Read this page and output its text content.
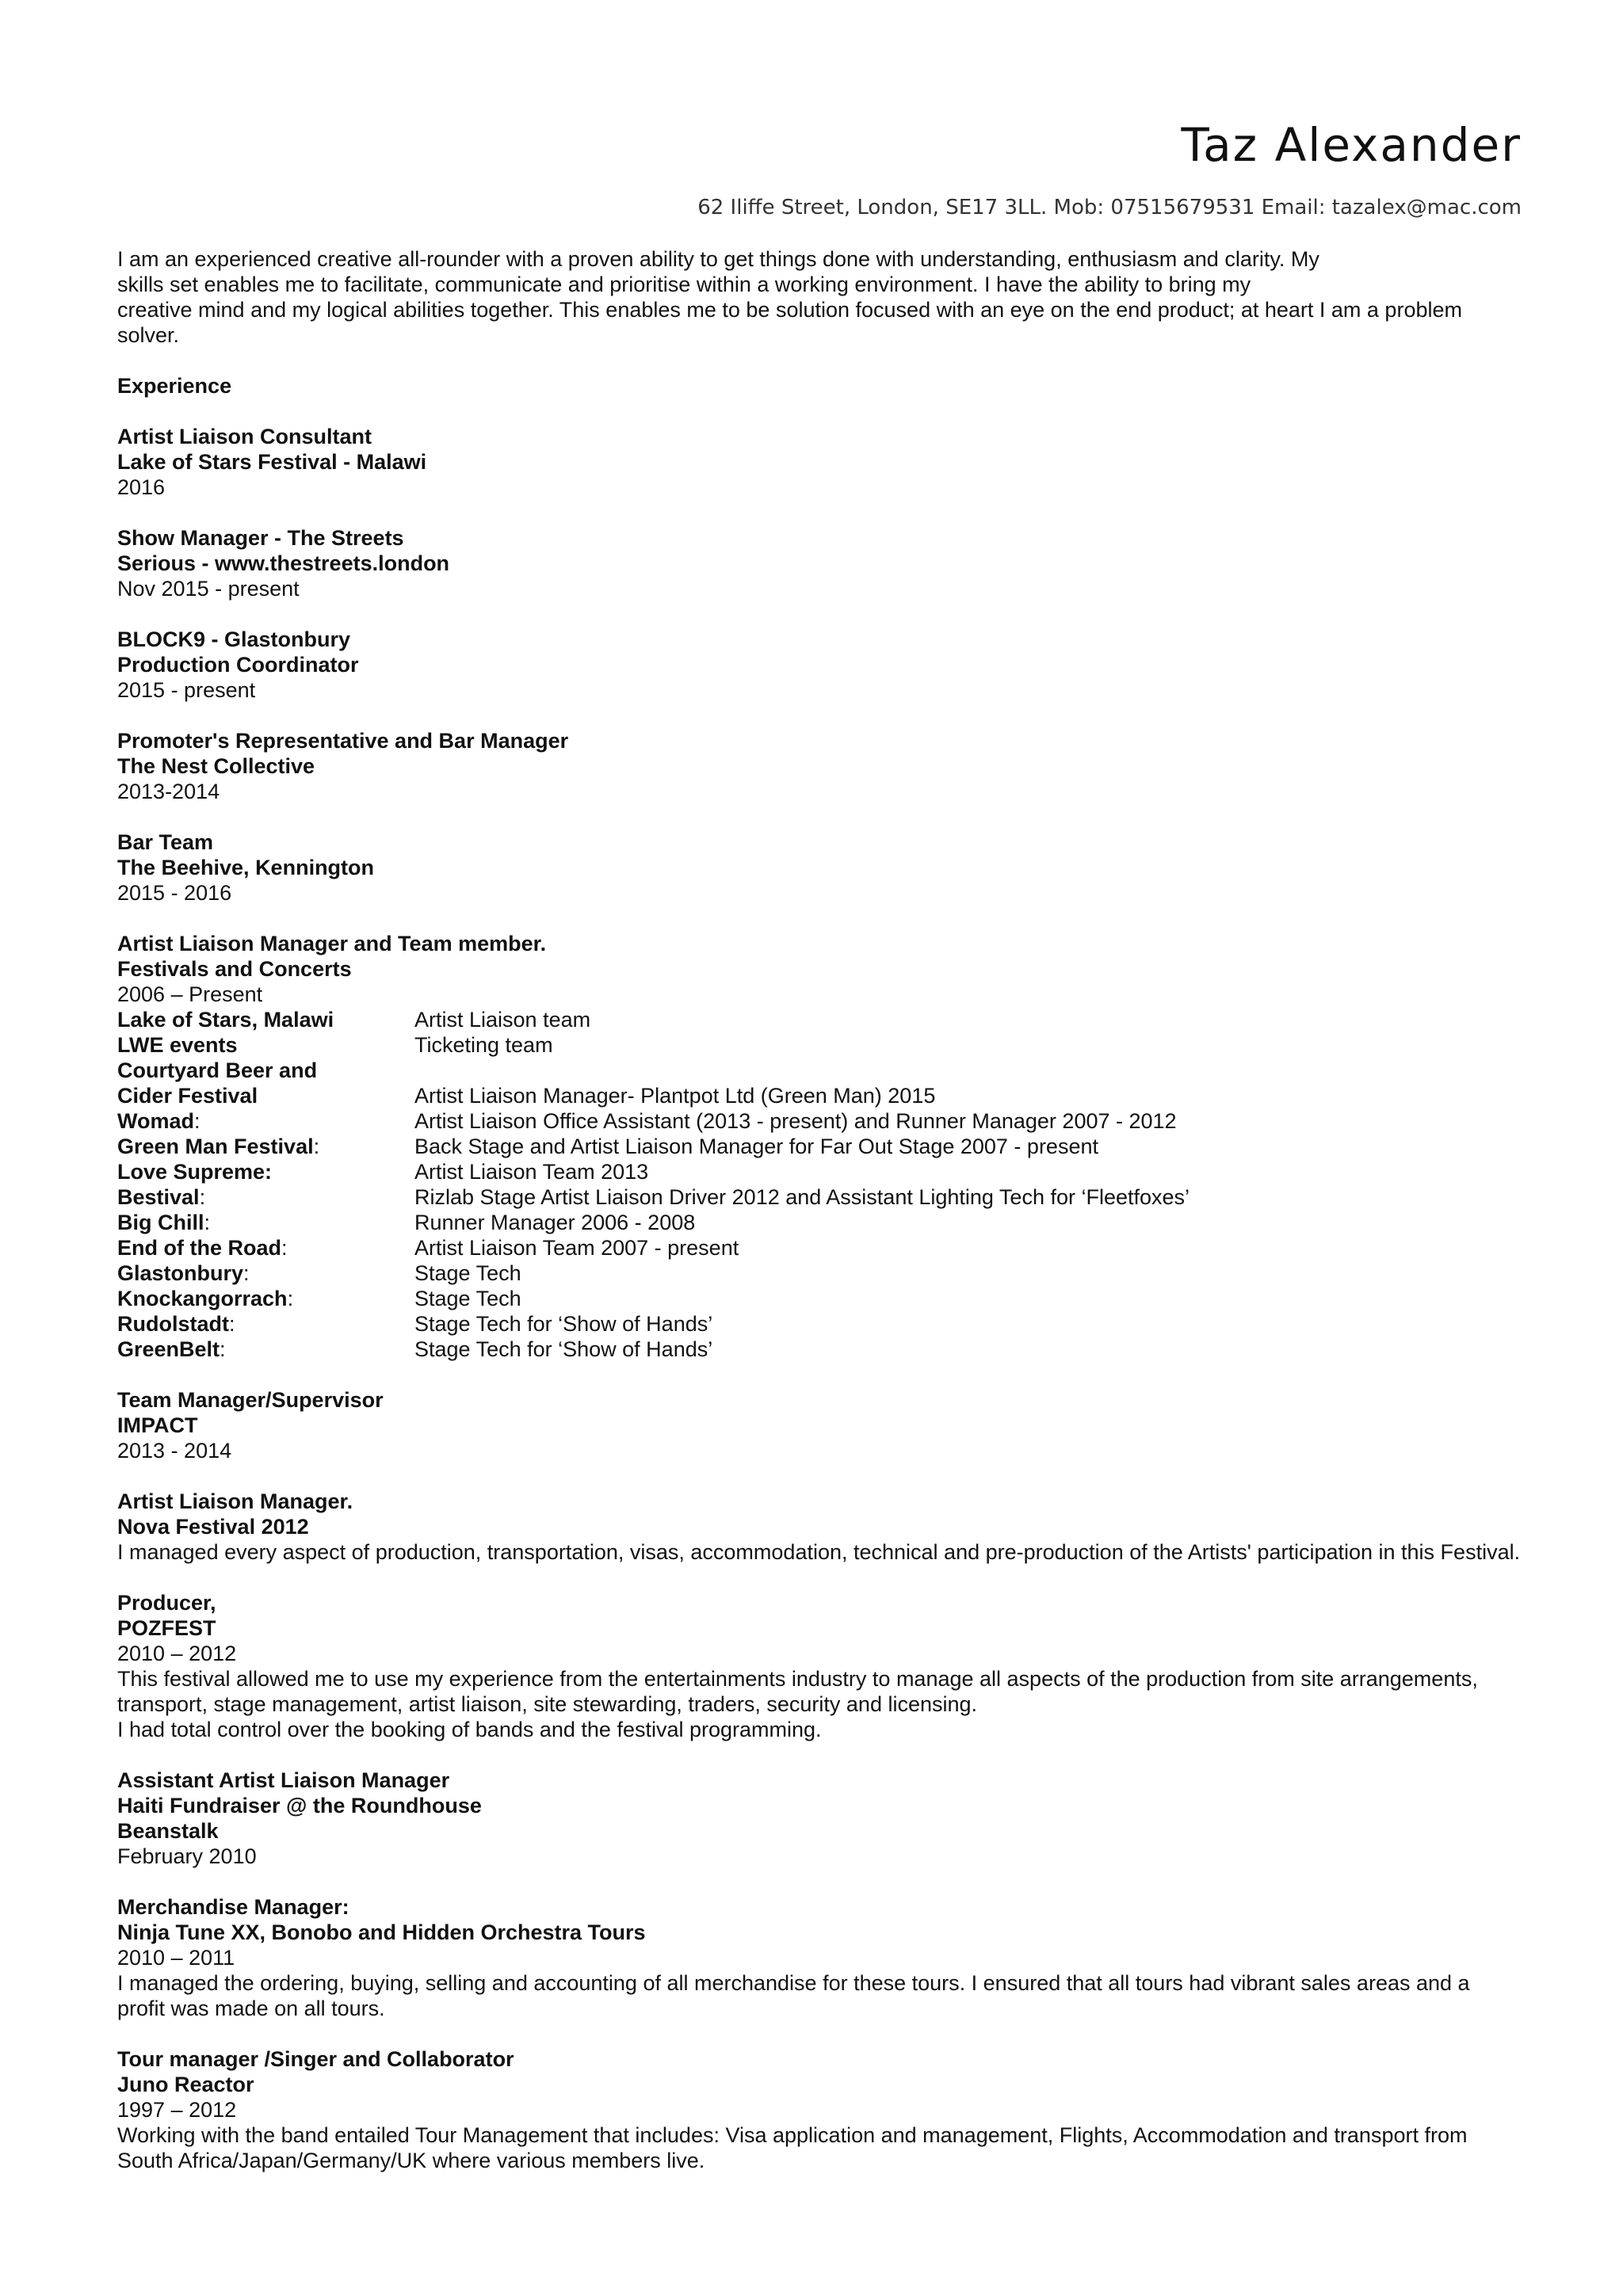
Taz Alexander
62 Iliffe Street, London, SE17 3LL. Mob: 07515679531 Email: tazalex@mac.com
I am an experienced creative all-rounder with a proven ability to get things done with understanding, enthusiasm and clarity. My
skills set enables me to facilitate, communicate and prioritise within a working environment. I have the ability to bring my
creative mind and my logical abilities together. This enables me to be solution focused with an eye on the end product; at heart I am a problem
solver.
Experience
Artist Liaison Consultant
Lake of Stars Festival - Malawi
2016
Show Manager - The Streets
Serious - www.thestreets.london
Nov 2015 - present
BLOCK9 - Glastonbury
Production Coordinator
2015 - present
Promoter's Representative and Bar Manager
The Nest Collective
2013-2014
Bar Team
The Beehive, Kennington
2015 - 2016
Artist Liaison Manager and Team member.
Festivals and Concerts
2006 – Present
Lake of Stars, Malawi	Artist Liaison team
LWE events	Ticketing team
Courtyard Beer and
Cider Festival	Artist Liaison Manager- Plantpot Ltd (Green Man) 2015
Womad:	Artist Liaison Office Assistant (2013 - present) and Runner Manager 2007 - 2012
Green Man Festival:	Back Stage and Artist Liaison Manager for Far Out Stage 2007 - present
Love Supreme:	Artist Liaison Team 2013
Bestival:	Rizlab Stage Artist Liaison Driver 2012 and Assistant Lighting Tech for ‘Fleetfoxes’
Big Chill:	Runner Manager 2006 - 2008
End of the Road:	Artist Liaison Team 2007 - present
Glastonbury:	Stage Tech
Knockangorrach:	Stage Tech
Rudolstadt:	Stage Tech for ‘Show of Hands’
GreenBelt:	Stage Tech for ‘Show of Hands’
Team Manager/Supervisor
IMPACT
2013 - 2014
Artist Liaison Manager.
Nova Festival 2012
I managed every aspect of production, transportation, visas, accommodation, technical and pre-production of the Artists' participation in this Festival.
Producer,
POZFEST
2010 – 2012
This festival allowed me to use my experience from the entertainments industry to manage all aspects of the production from site arrangements, transport, stage management, artist liaison, site stewarding, traders, security and licensing.
I had total control over the booking of bands and the festival programming.
Assistant Artist Liaison Manager
Haiti Fundraiser @ the Roundhouse
Beanstalk
February 2010
Merchandise Manager:
Ninja Tune XX, Bonobo and Hidden Orchestra Tours
2010 – 2011
I managed the ordering, buying, selling and accounting of all merchandise for these tours. I ensured that all tours had vibrant sales areas and a profit was made on all tours.
Tour manager /Singer and Collaborator
Juno Reactor
1997 – 2012
Working with the band entailed Tour Management that includes: Visa application and management, Flights, Accommodation and transport from South Africa/Japan/Germany/UK where various members live.
